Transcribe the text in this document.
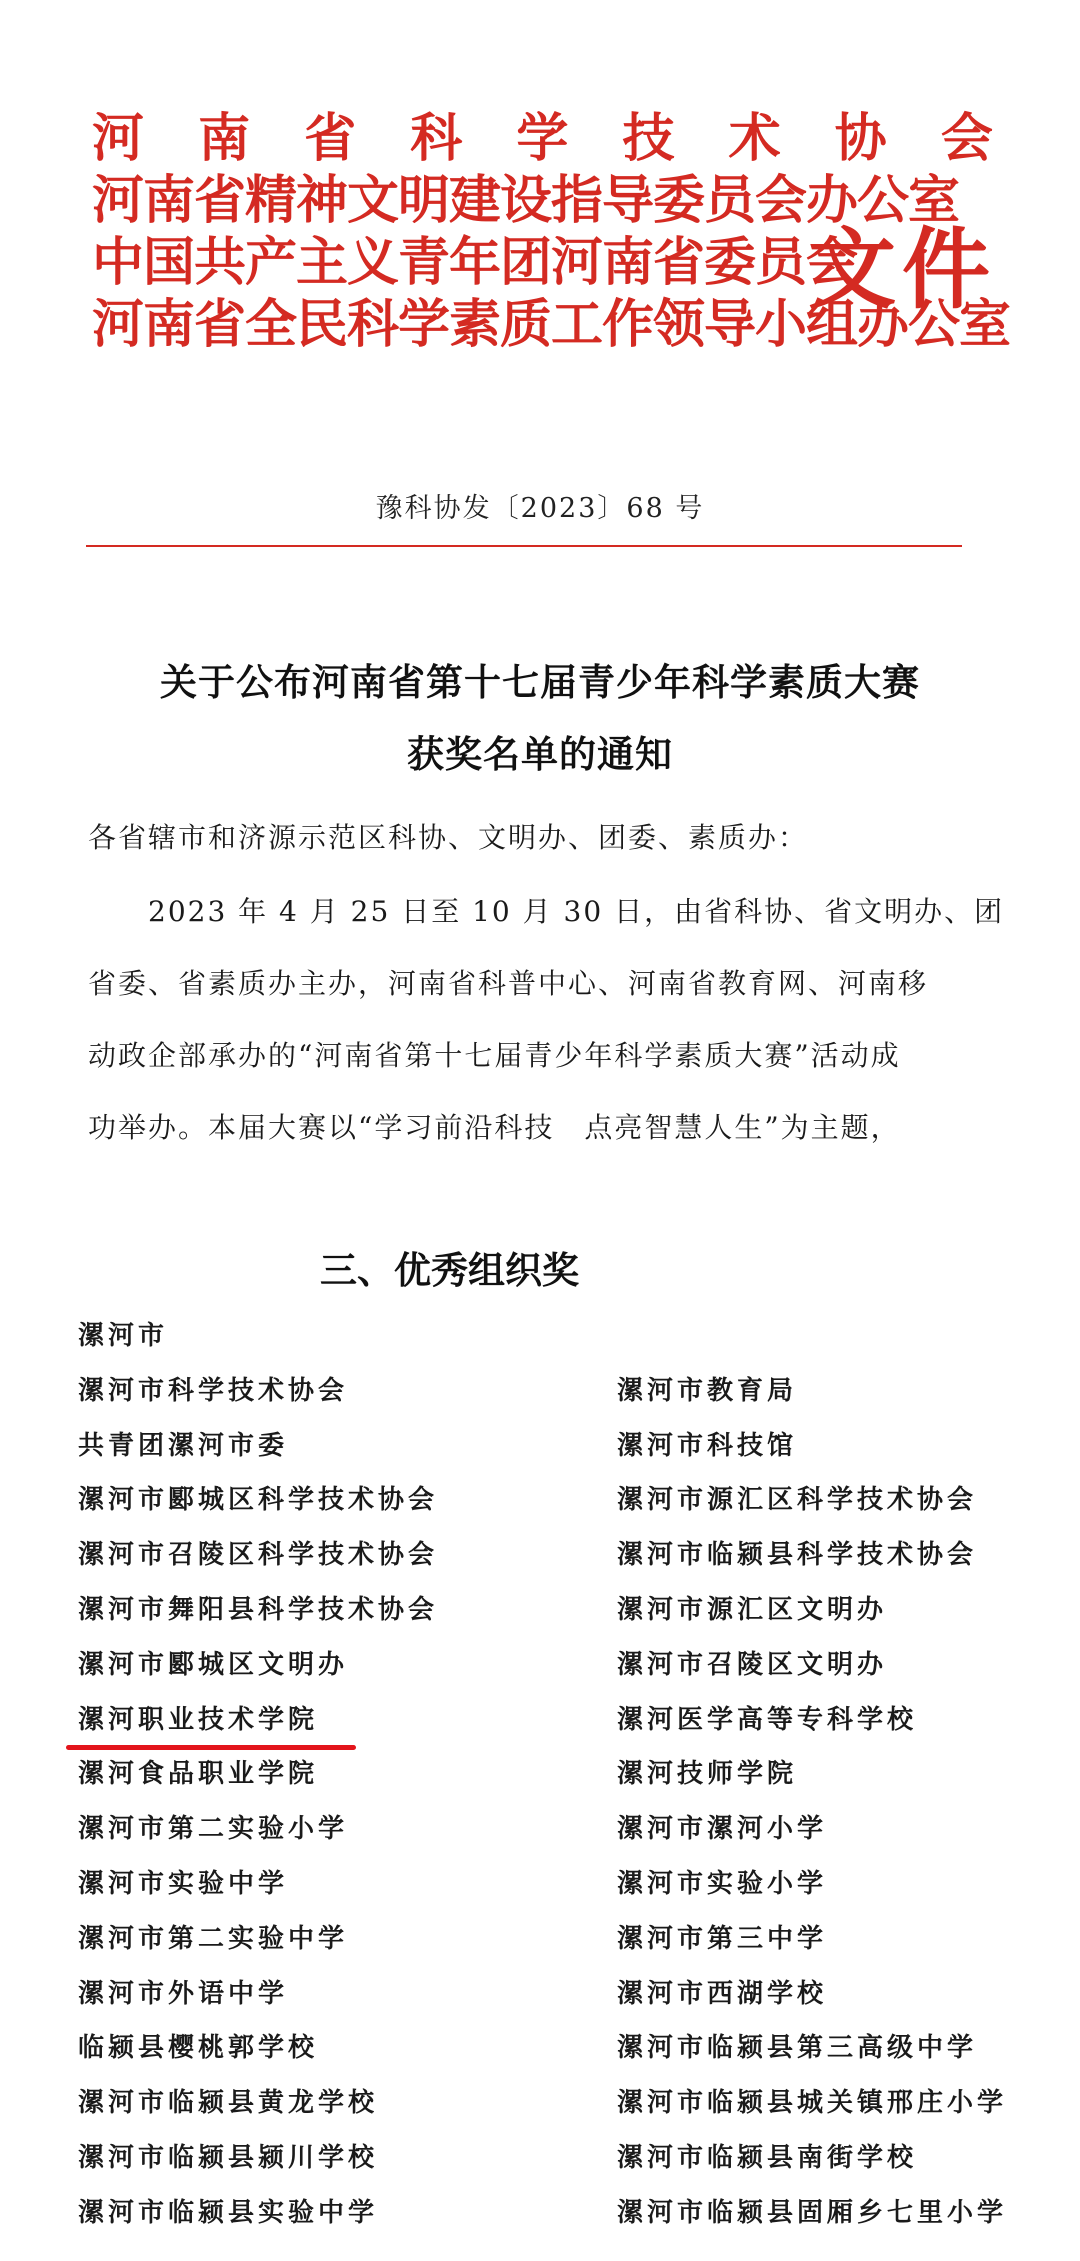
河 南 省 科 学 技 术 协 会
河南省精神文明建设指导委员会办公室
中国共产主义青年团河南省委员会
河南省全民科学素质工作领导小组办公室
文件
豫科协发〔2023〕68 号
关于公布河南省第十七届青少年科学素质大赛
获奖名单的通知
各省辖市和济源示范区科协、文明办、团委、素质办：
　　2023 年 4 月 25 日至 10 月 30 日，由省科协、省文明办、团
省委、省素质办主办，河南省科普中心、河南省教育网、河南移
动政企部承办的“河南省第十七届青少年科学素质大赛”活动成
功举办。本届大赛以“学习前沿科技　点亮智慧人生”为主题，
三、优秀组织奖
漯河市
漯河市科学技术协会
共青团漯河市委
漯河市郾城区科学技术协会
漯河市召陵区科学技术协会
漯河市舞阳县科学技术协会
漯河市郾城区文明办
漯河职业技术学院
漯河食品职业学院
漯河市第二实验小学
漯河市实验中学
漯河市第二实验中学
漯河市外语中学
临颍县樱桃郭学校
漯河市临颍县黄龙学校
漯河市临颍县颍川学校
漯河市临颍县实验中学
漯河市教育局
漯河市科技馆
漯河市源汇区科学技术协会
漯河市临颍县科学技术协会
漯河市源汇区文明办
漯河市召陵区文明办
漯河医学高等专科学校
漯河技师学院
漯河市漯河小学
漯河市实验小学
漯河市第三中学
漯河市西湖学校
漯河市临颍县第三高级中学
漯河市临颍县城关镇邢庄小学
漯河市临颍县南街学校
漯河市临颍县固厢乡七里小学
